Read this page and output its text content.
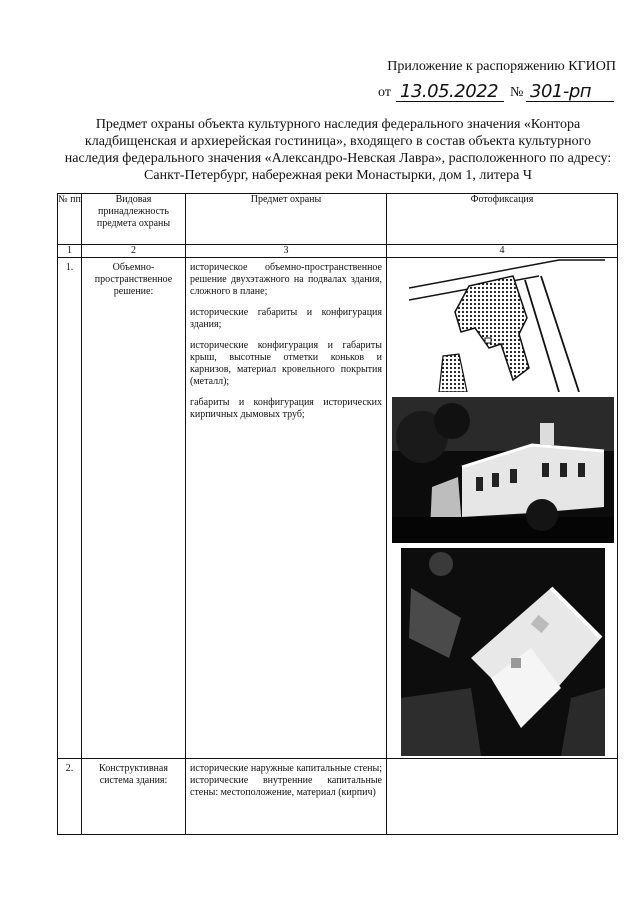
Приложение к распоряжению КГИОП
от 13.05.2022 № 301-рп
Предмет охраны объекта культурного наследия федерального значения «Контора кладбищенская и архиерейская гостиница», входящего в состав объекта культурного наследия федерального значения «Александро-Невская Лавра», расположенного по адресу: Санкт-Петербург, набережная реки Монастырки, дом 1, литера Ч
№ пп	Видовая принадлежность предмета охраны	Предмет охраны	Фотофиксация
1	2	3	4
1.	Объемно-пространственное решение:	историческое объемно-пространственное решение двухэтажного на подвалах здания, сложного в плане;

исторические габариты и конфигурация здания;

исторические конфигурация и габариты крыш, высотные отметки коньков и карнизов, материал кровельного покрытия (металл);

габариты и конфигурация исторических кирпичных дымовых труб;

2.	Конструктивная система здания:	исторические наружные капитальные стены; исторические внутренние капитальные стены: местоположение, материал (кирпич)	
